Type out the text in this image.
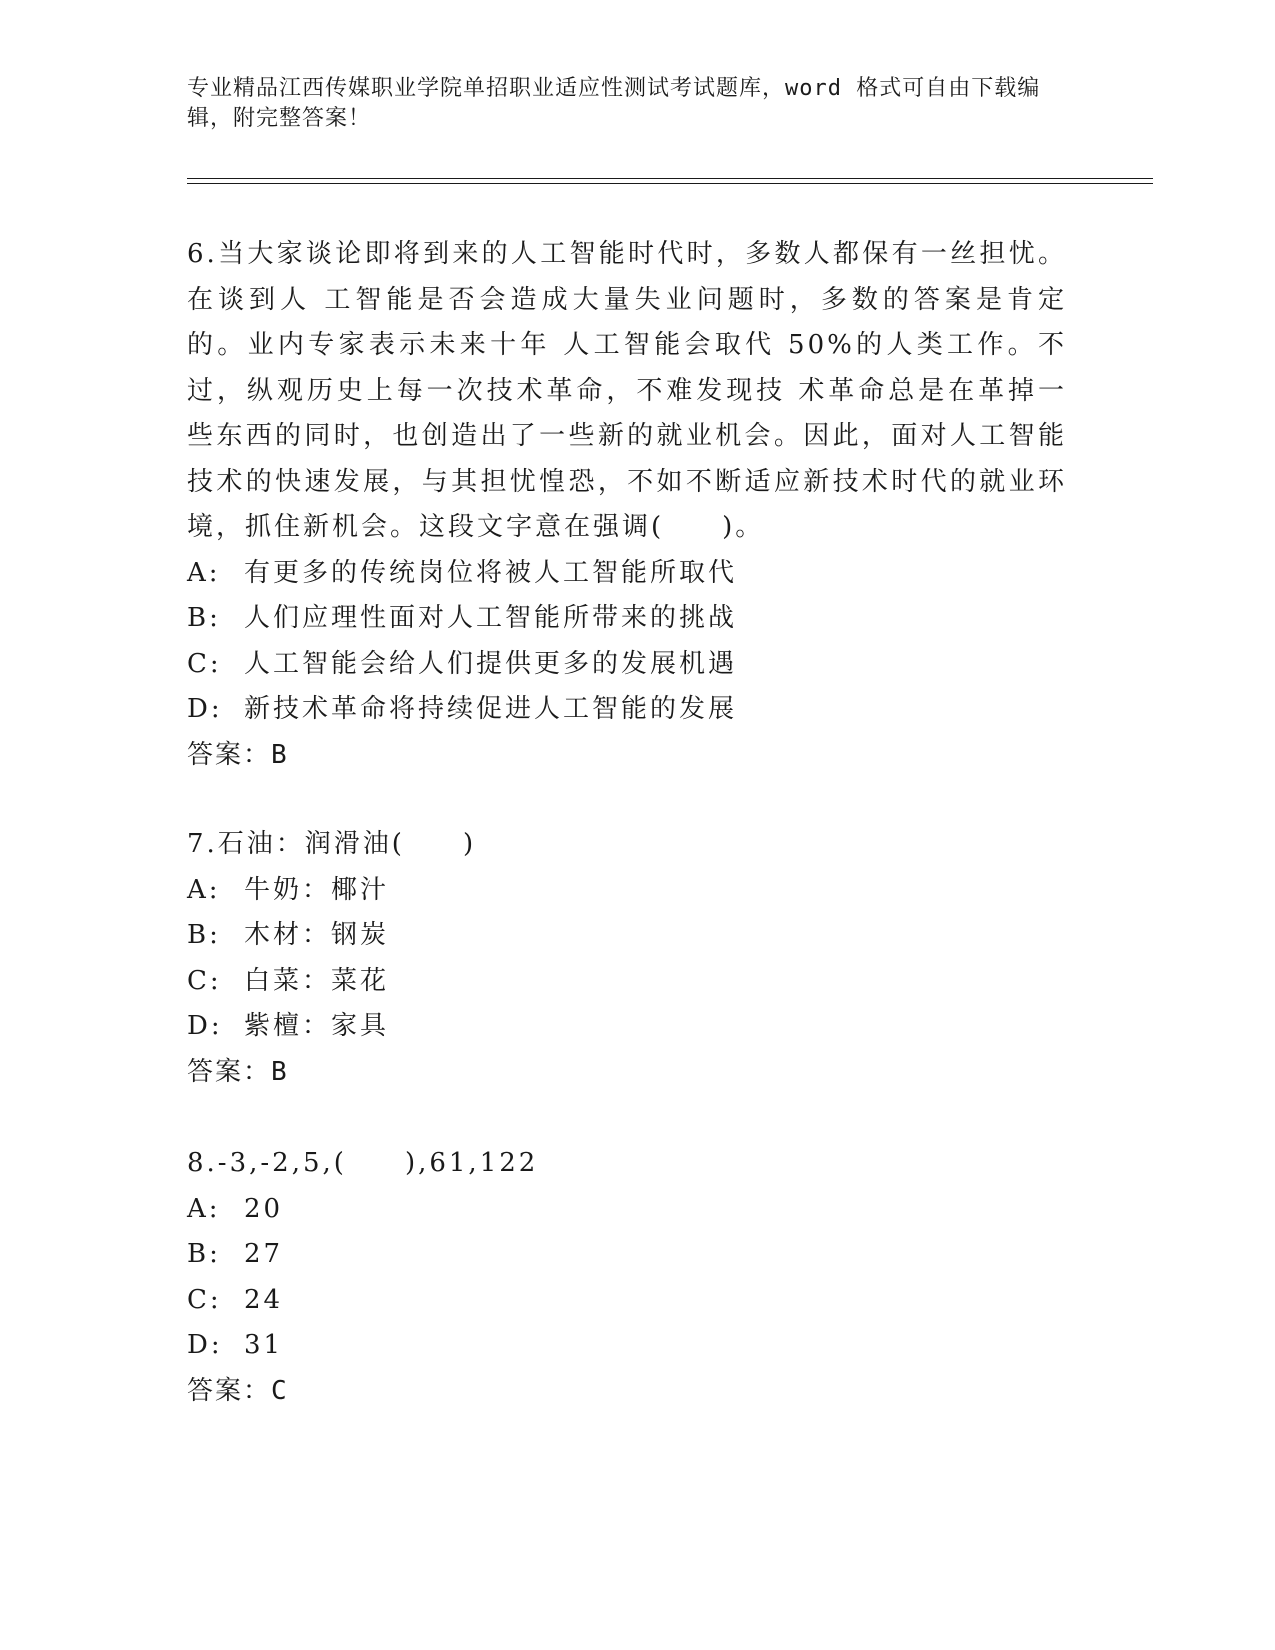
专业精品江西传媒职业学院单招职业适应性测试考试题库，word 格式可自由下载编辑，附完整答案！

6.当大家谈论即将到来的人工智能时代时，多数人都保有一丝担忧。在谈到人 工智能是否会造成大量失业问题时，多数的答案是肯定的。业内专家表示未来十年 人工智能会取代 50%的人类工作。不过，纵观历史上每一次技术革命，不难发现技 术革命总是在革掉一些东西的同时，也创造出了一些新的就业机会。因此，面对人工智能技术的快速发展，与其担忧惶恐，不如不断适应新技术时代的就业环境，抓住新机会。这段文字意在强调(　　)。

A: 有更多的传统岗位将被人工智能所取代
B: 人们应理性面对人工智能所带来的挑战
C: 人工智能会给人们提供更多的发展机遇
D: 新技术革命将持续促进人工智能的发展

答案：B

7.石油：润滑油(　　)

A: 牛奶：椰汁
B: 木材：钢炭
C: 白菜：菜花
D: 紫檀：家具

答案：B

8.-3,-2,5,(　　),61,122

A: 20
B: 27
C: 24
D: 31

答案：C
